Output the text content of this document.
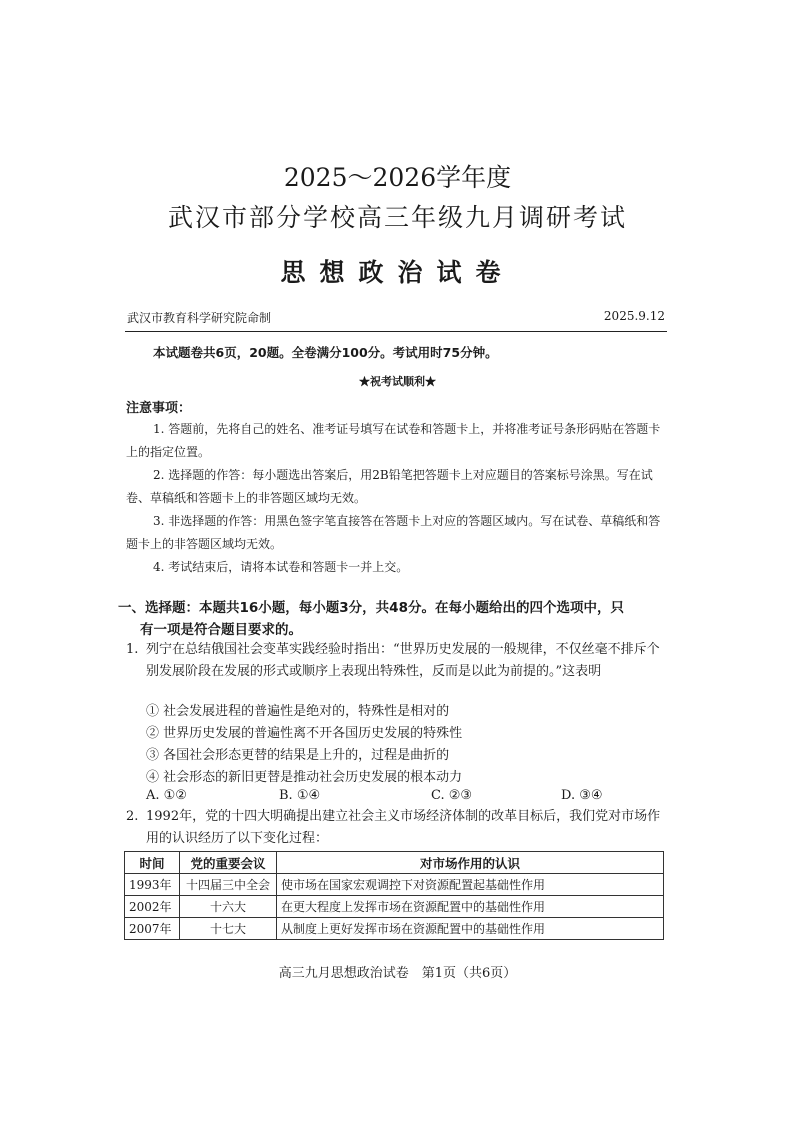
2025～2026学年度
武汉市部分学校高三年级九月调研考试
思想政治试卷
武汉市教育科学研究院命制	2025.9.12
本试题卷共6页，20题。全卷满分100分。考试用时75分钟。
★祝考试顺利★
注意事项：
1. 答题前，先将自己的姓名、准考证号填写在试卷和答题卡上，并将准考证号条形码贴在答题卡上的指定位置。
2. 选择题的作答：每小题选出答案后，用2B铅笔把答题卡上对应题目的答案标号涂黑。写在试卷、草稿纸和答题卡上的非答题区域均无效。
3. 非选择题的作答：用黑色签字笔直接答在答题卡上对应的答题区域内。写在试卷、草稿纸和答题卡上的非答题区域均无效。
4. 考试结束后，请将本试卷和答题卡一并上交。
一、选择题：本题共16小题，每小题3分，共48分。在每小题给出的四个选项中，只
有一项是符合题目要求的。
1. 列宁在总结俄国社会变革实践经验时指出：“世界历史发展的一般规律，不仅丝毫不排斥个别发展阶段在发展的形式或顺序上表现出特殊性，反而是以此为前提的。”这表明
① 社会发展进程的普遍性是绝对的，特殊性是相对的
② 世界历史发展的普遍性离不开各国历史发展的特殊性
③ 各国社会形态更替的结果是上升的，过程是曲折的
④ 社会形态的新旧更替是推动社会历史发展的根本动力
A. ①②	B. ①④	C. ②③	D. ③④
2. 1992年，党的十四大明确提出建立社会主义市场经济体制的改革目标后，我们党对市场作用的认识经历了以下变化过程：
时间	党的重要会议	对市场作用的认识
1993年	十四届三中全会	使市场在国家宏观调控下对资源配置起基础性作用
2002年	十六大	在更大程度上发挥市场在资源配置中的基础性作用
2007年	十七大	从制度上更好发挥市场在资源配置中的基础性作用
高三九月思想政治试卷　第1页（共6页）
